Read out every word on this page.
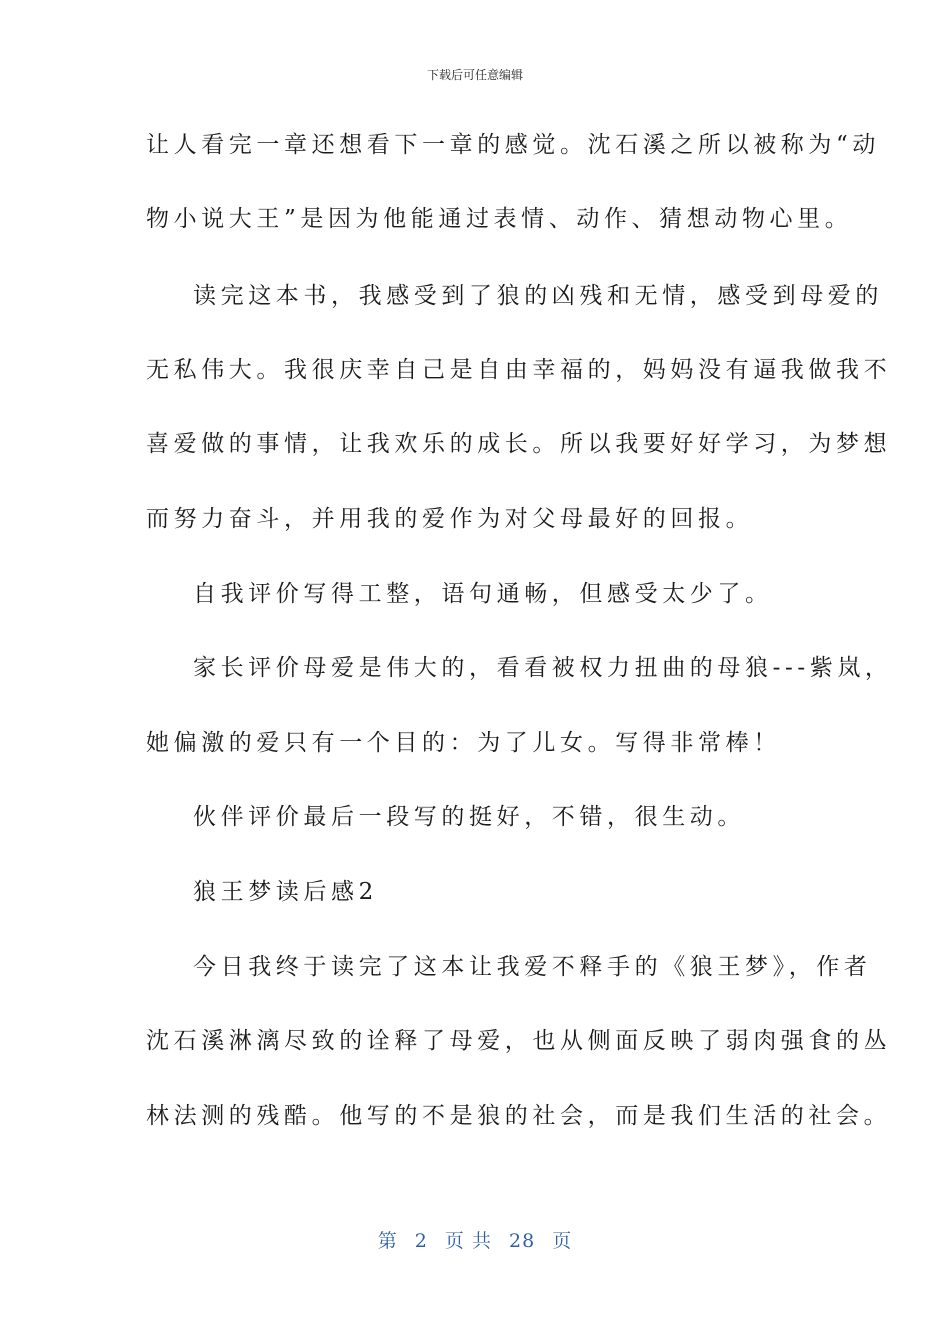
下载后可任意编辑
让人看完一章还想看下一章的感觉。沈石溪之所以被称为“动
物小说大王”是因为他能通过表情、动作、猜想动物心里。
读完这本书，我感受到了狼的凶残和无情，感受到母爱的
无私伟大。我很庆幸自己是自由幸福的，妈妈没有逼我做我不
喜爱做的事情，让我欢乐的成长。所以我要好好学习，为梦想
而努力奋斗，并用我的爱作为对父母最好的回报。
自我评价写得工整，语句通畅，但感受太少了。
家长评价母爱是伟大的，看看被权力扭曲的母狼---紫岚，
她偏激的爱只有一个目的：为了儿女。写得非常棒！
伙伴评价最后一段写的挺好，不错，很生动。
狼王梦读后感2
今日我终于读完了这本让我爱不释手的《狼王梦》，作者
沈石溪淋漓尽致的诠释了母爱，也从侧面反映了弱肉强食的丛
林法测的残酷。他写的不是狼的社会，而是我们生活的社会。
第 2 页 共 28 页
